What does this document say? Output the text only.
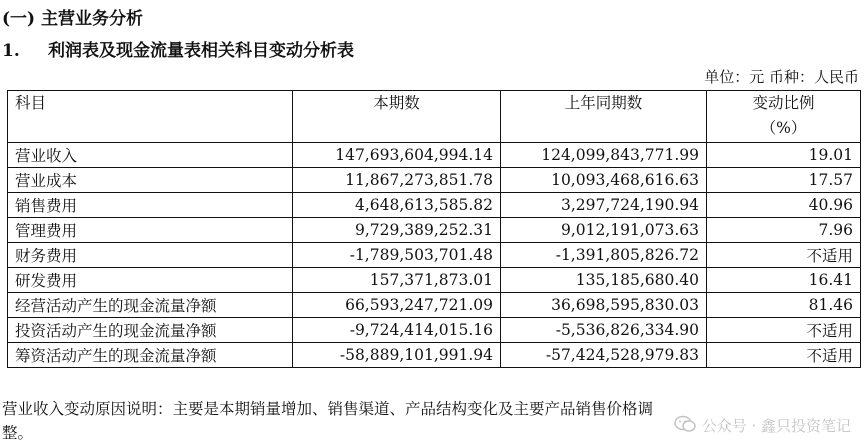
(一) 主营业务分析
1. 利润表及现金流量表相关科目变动分析表
单位：元 币种：人民币
科目	本期数	上年同期数	变动比例
（%）
营业收入	147,693,604,994.14	124,099,843,771.99	19.01
营业成本	11,867,273,851.78	10,093,468,616.63	17.57
销售费用	4,648,613,585.82	3,297,724,190.94	40.96
管理费用	9,729,389,252.31	9,012,191,073.63	7.96
财务费用	-1,789,503,701.48	-1,391,805,826.72	不适用
研发费用	157,371,873.01	135,185,680.40	16.41
经营活动产生的现金流量净额	66,593,247,721.09	36,698,595,830.03	81.46
投资活动产生的现金流量净额	-9,724,414,015.16	-5,536,826,334.90	不适用
筹资活动产生的现金流量净额	-58,889,101,991.94	-57,424,528,979.83	不适用
营业收入变动原因说明：主要是本期销量增加、销售渠道、产品结构变化及主要产品销售价格调
整。	公众号 · 鑫只投资笔记
